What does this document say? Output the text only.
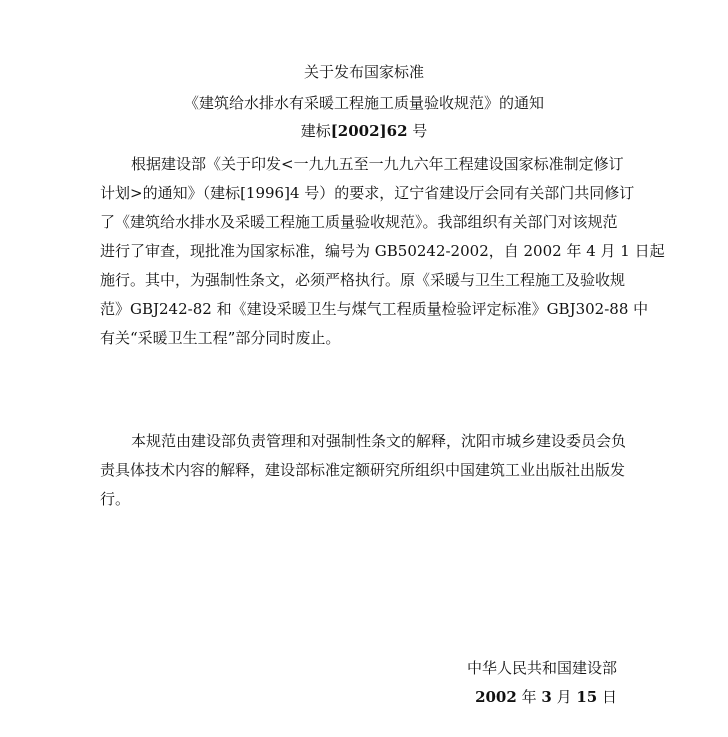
关于发布国家标准
《建筑给水排水有采暖工程施工质量验收规范》的通知
建标[2002]62 号
根据建设部《关于印发<一九九五至一九九六年工程建设国家标准制定修订
计划>的通知》（建标[1996]4 号）的要求，辽宁省建设厅会同有关部门共同修订
了《建筑给水排水及采暖工程施工质量验收规范》。我部组织有关部门对该规范
进行了审查，现批准为国家标准，编号为 GB50242-2002，自 2002 年 4 月 1 日起
施行。其中，为强制性条文，必须严格执行。原《采暖与卫生工程施工及验收规
范》GBJ242-82 和《建设采暖卫生与煤气工程质量检验评定标准》GBJ302-88 中
有关“采暖卫生工程”部分同时废止。
本规范由建设部负责管理和对强制性条文的解释，沈阳市城乡建设委员会负
责具体技术内容的解释，建设部标准定额研究所组织中国建筑工业出版社出版发
行。
中华人民共和国建设部
2002 年 3 月 15 日
